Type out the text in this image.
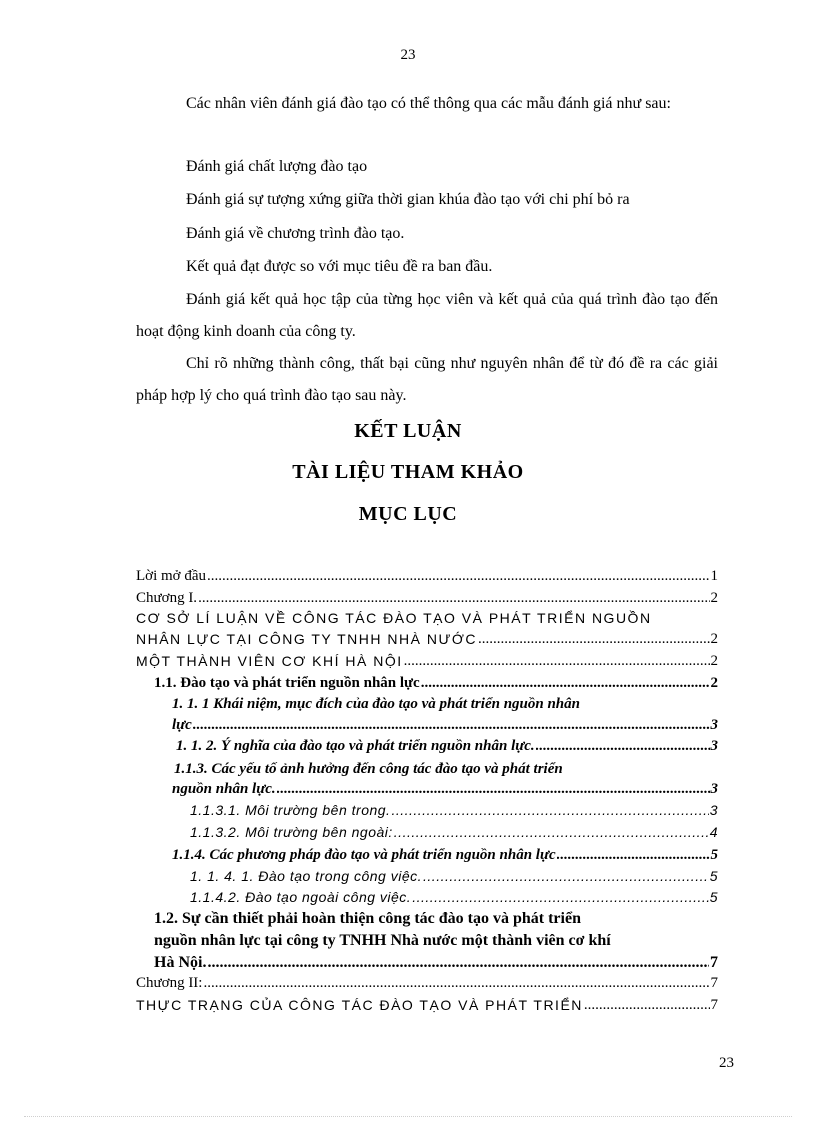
23

Các nhân viên đánh giá đào tạo có thể thông qua các mẫu đánh giá như sau:

Đánh giá chất lượng đào tạo
Đánh giá sự tượng xứng giữa thời gian khúa đào tạo với chi phí bỏ ra
Đánh giá về chương trình đào tạo.
Kết quả đạt được so với mục tiêu đề ra ban đầu.

Đánh giá kết quả học tập của từng học viên và kết quả của quá trình đào tạo đến hoạt động kinh doanh của công ty.

Chỉ rõ những thành công, thất bại cũng như nguyên nhân để từ đó đề ra các giải pháp hợp lý cho quá trình đào tạo sau này.

KẾT LUẬN
TÀI LIỆU THAM KHẢO
MỤC LỤC
Lời mở đầu .....	1
Chương I. .....	2
CƠ SỞ LÍ LUẬN VỀ CÔNG TÁC ĐÀO TẠO VÀ PHÁT TRIỂN NGUỒN
NHÂN LỰC TẠI CÔNG TY TNHH NHÀ NƯỚC .....	2
MỘT THÀNH VIÊN CƠ KHÍ HÀ NỘI .....	2
1.1. Đào tạo và phát triển nguồn nhân lực .....	2
1. 1. 1 Khái niệm, mục đích của đào tạo và phát triển nguồn nhân
lực .....	3
1. 1. 2. Ý nghĩa của đào tạo và phát triển nguồn nhân lực. .....	3
1.1.3. Các yếu tố ảnh hưởng đến công tác đào tạo và phát triển
nguồn nhân lực. .....	3
1.1.3.1. Môi trường bên trong. .....	3
1.1.3.2. Môi trường bên ngoài: .....	4
1.1.4. Các phương pháp đào tạo và phát triển nguồn nhân lực .....	5
1. 1. 4. 1. Đào tạo trong công việc. .....	5
1.1.4.2. Đào tạo ngoài công việc. .....	5
1.2. Sự cần thiết phải hoàn thiện công tác đào tạo và phát triển
nguồn nhân lực tại công ty TNHH Nhà nước một thành viên cơ khí
Hà Nội. .....	7
Chương II: .....	7
THỰC TRẠNG CỦA CÔNG TÁC ĐÀO TẠO VÀ PHÁT TRIỂN .....	7
23
